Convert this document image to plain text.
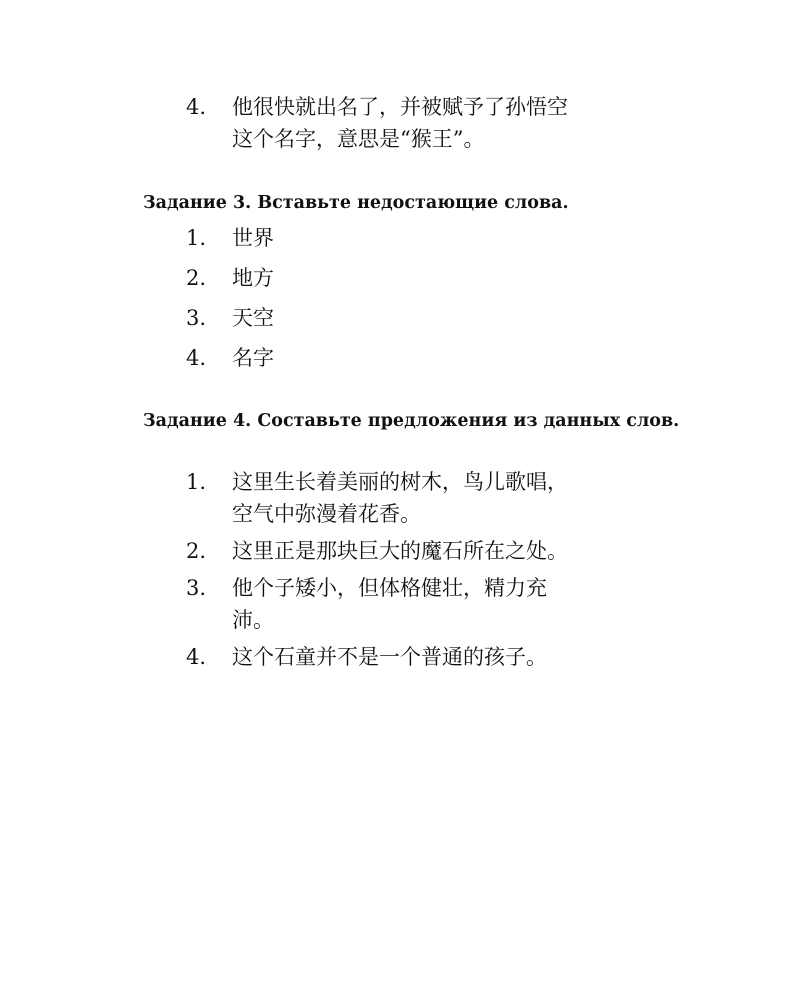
4.	他很快就出名了，并被赋予了孙悟空
这个名字，意思是“猴王”。
Задание 3. Вставьте недостающие слова.
1.	世界
2.	地方
3.	天空
4.	名字
Задание 4. Составьте предложения из данных слов.
1.	这里生长着美丽的树木，鸟儿歌唱，
空气中弥漫着花香。
2.	这里正是那块巨大的魔石所在之处。
3.	他个子矮小，但体格健壮，精力充
沛。
4.	这个石童并不是一个普通的孩子。
